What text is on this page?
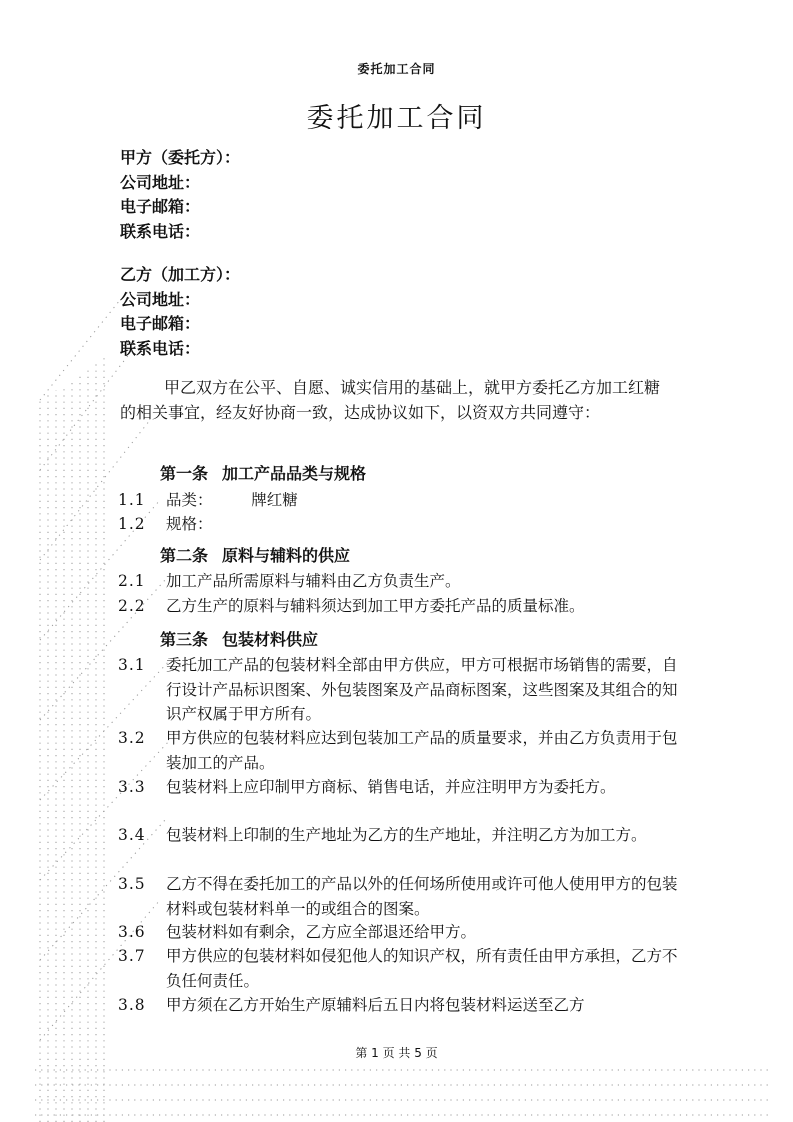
委托加工合同
委托加工合同
甲方（委托方）：
公司地址：
电子邮箱：
联系电话：
乙方（加工方）：
公司地址：
电子邮箱：
联系电话：
甲乙双方在公平、自愿、诚实信用的基础上，就甲方委托乙方加工红糖的相关事宜，经友好协商一致，达成协议如下，以资双方共同遵守：
第一条 加工产品品类与规格
1.1	品类：　　　牌红糖
1.2	规格：　　　
第二条 原料与辅料的供应
2.1	加工产品所需原料与辅料由乙方负责生产。
2.2	乙方生产的原料与辅料须达到加工甲方委托产品的质量标准。
第三条 包装材料供应
3.1	委托加工产品的包装材料全部由甲方供应，甲方可根据市场销售的需要，自行设计产品标识图案、外包装图案及产品商标图案，这些图案及其组合的知识产权属于甲方所有。
3.2	甲方供应的包装材料应达到包装加工产品的质量要求，并由乙方负责用于包装加工的产品。
3.3	包装材料上应印制甲方商标、销售电话，并应注明甲方为委托方。
3.4	包装材料上印制的生产地址为乙方的生产地址，并注明乙方为加工方。
3.5	乙方不得在委托加工的产品以外的任何场所使用或许可他人使用甲方的包装材料或包装材料单一的或组合的图案。
3.6	包装材料如有剩余，乙方应全部退还给甲方。
3.7	甲方供应的包装材料如侵犯他人的知识产权，所有责任由甲方承担，乙方不负任何责任。
3.8	甲方须在乙方开始生产原辅料后五日内将包装材料运送至乙方
第 1 页 共 5 页
